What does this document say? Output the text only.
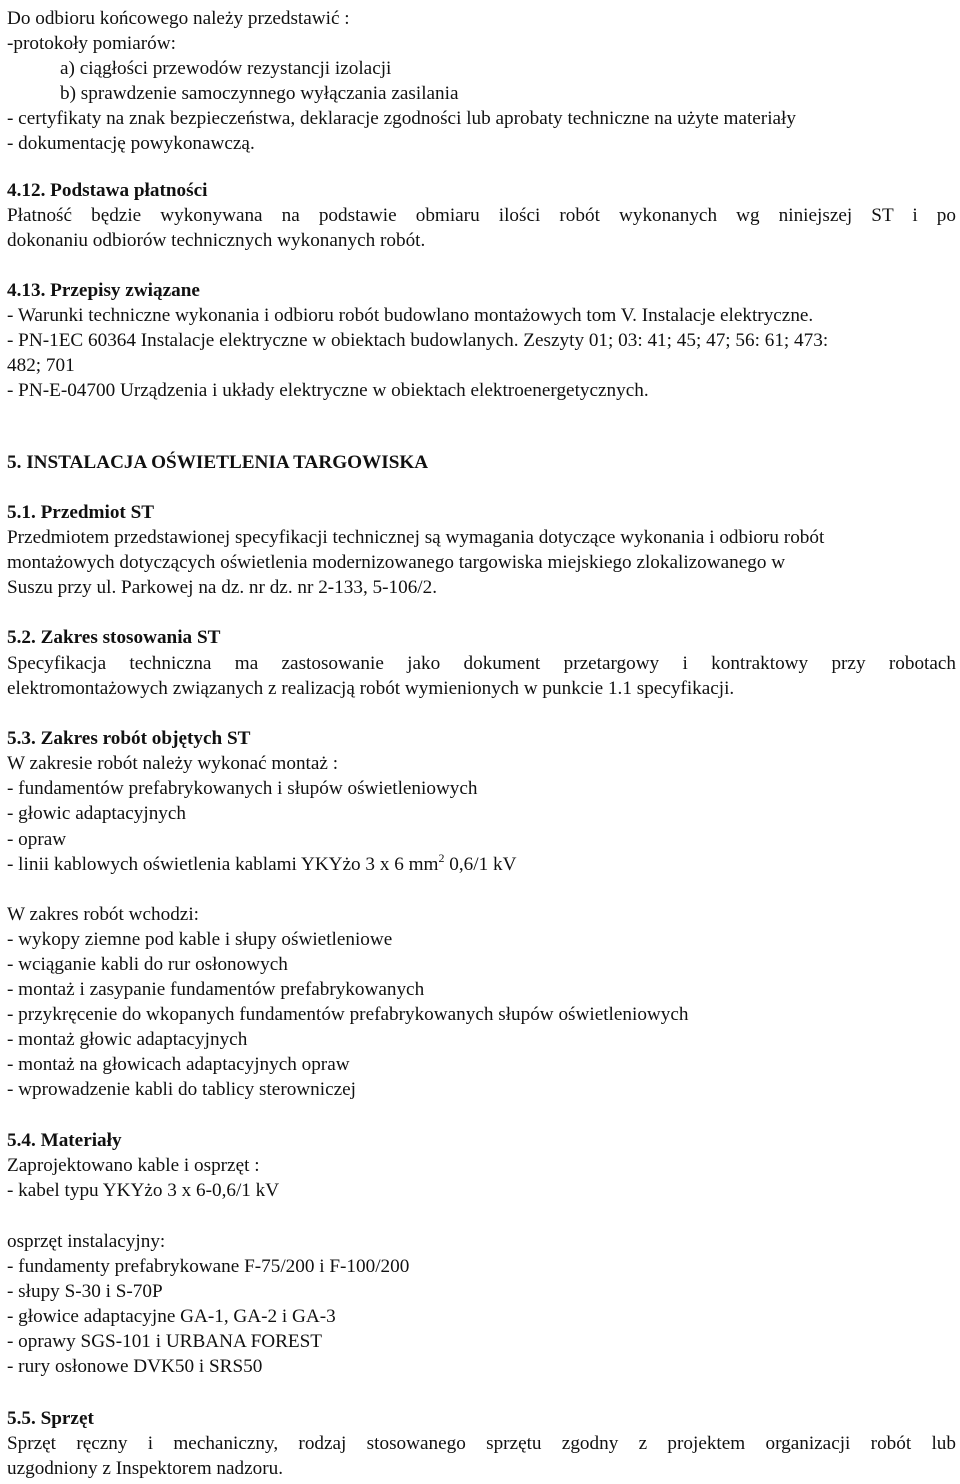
Do odbioru końcowego należy przedstawić :
-protokoły pomiarów:
a) ciągłości przewodów rezystancji izolacji
b) sprawdzenie samoczynnego wyłączania zasilania
- certyfikaty na znak bezpieczeństwa, deklaracje zgodności lub aprobaty techniczne na użyte materiały
- dokumentację powykonawczą.
4.12. Podstawa płatności
Płatność będzie wykonywana na podstawie obmiaru ilości robót wykonanych wg niniejszej ST i po
dokonaniu odbiorów technicznych wykonanych robót.
4.13. Przepisy związane
- Warunki techniczne wykonania i odbioru robót budowlano montażowych tom V. Instalacje elektryczne.
- PN-1EC 60364 Instalacje elektryczne w obiektach budowlanych. Zeszyty 01; 03: 41; 45; 47; 56: 61; 473:
482; 701
- PN-E-04700 Urządzenia i układy elektryczne w obiektach elektroenergetycznych.
5. INSTALACJA OŚWIETLENIA TARGOWISKA
5.1. Przedmiot ST
Przedmiotem przedstawionej specyfikacji technicznej są wymagania dotyczące wykonania i odbioru robót
montażowych dotyczących oświetlenia modernizowanego targowiska miejskiego zlokalizowanego w
Suszu przy ul. Parkowej na dz. nr dz. nr 2-133, 5-106/2.
5.2. Zakres stosowania ST
Specyfikacja techniczna ma zastosowanie jako dokument przetargowy i kontraktowy przy robotach
elektromontażowych związanych z realizacją robót wymienionych w punkcie 1.1 specyfikacji.
5.3. Zakres robót objętych ST
W zakresie robót należy wykonać montaż :
- fundamentów prefabrykowanych i słupów oświetleniowych
- głowic adaptacyjnych
- opraw
- linii kablowych oświetlenia kablami YKYżo 3 x 6 $mm^2$ 0,6/1 kV
W zakres robót wchodzi:
- wykopy ziemne pod kable i słupy oświetleniowe
- wciąganie kabli do rur osłonowych
- montaż i zasypanie fundamentów prefabrykowanych
- przykręcenie do wkopanych fundamentów prefabrykowanych słupów oświetleniowych
- montaż głowic adaptacyjnych
- montaż na głowicach adaptacyjnych opraw
- wprowadzenie kabli do tablicy sterowniczej
5.4. Materiały
Zaprojektowano kable i osprzęt :
- kabel typu YKYżo 3 x 6-0,6/1 kV
osprzęt instalacyjny:
- fundamenty prefabrykowane F-75/200 i F-100/200
- słupy S-30 i S-70P
- głowice adaptacyjne GA-1, GA-2 i GA-3
- oprawy SGS-101 i URBANA FOREST
- rury osłonowe DVK50 i SRS50
5.5. Sprzęt
Sprzęt ręczny i mechaniczny, rodzaj stosowanego sprzętu zgodny z projektem organizacji robót lub
uzgodniony z Inspektorem nadzoru.
